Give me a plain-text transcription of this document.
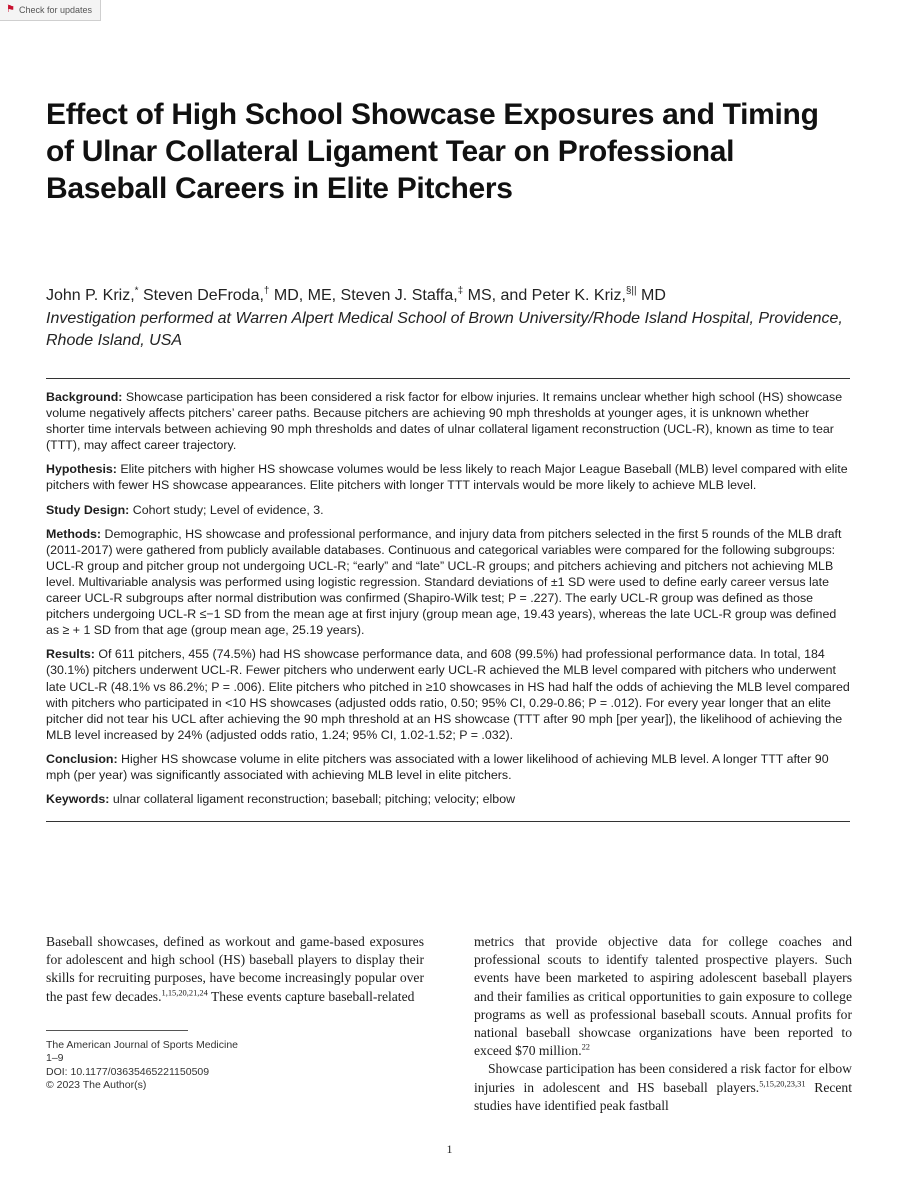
⚑ Check for updates
Effect of High School Showcase Exposures and Timing of Ulnar Collateral Ligament Tear on Professional Baseball Careers in Elite Pitchers
John P. Kriz,* Steven DeFroda,† MD, ME, Steven J. Staffa,‡ MS, and Peter K. Kriz,§|| MD
Investigation performed at Warren Alpert Medical School of Brown University/Rhode Island Hospital, Providence, Rhode Island, USA

Background: Showcase participation has been considered a risk factor for elbow injuries. It remains unclear whether high school (HS) showcase volume negatively affects pitchers’ career paths. Because pitchers are achieving 90 mph thresholds at younger ages, it is unknown whether shorter time intervals between achieving 90 mph thresholds and dates of ulnar collateral ligament reconstruction (UCL-R), known as time to tear (TTT), may affect career trajectory.

Hypothesis: Elite pitchers with higher HS showcase volumes would be less likely to reach Major League Baseball (MLB) level compared with elite pitchers with fewer HS showcase appearances. Elite pitchers with longer TTT intervals would be more likely to achieve MLB level.

Study Design: Cohort study; Level of evidence, 3.

Methods: Demographic, HS showcase and professional performance, and injury data from pitchers selected in the first 5 rounds of the MLB draft (2011-2017) were gathered from publicly available databases. Continuous and categorical variables were compared for the following subgroups: UCL-R group and pitcher group not undergoing UCL-R; “early” and “late” UCL-R groups; and pitchers achieving and pitchers not achieving MLB level. Multivariable analysis was performed using logistic regression. Standard deviations of ±1 SD were used to define early career versus late career UCL-R subgroups after normal distribution was confirmed (Shapiro-Wilk test; P = .227). The early UCL-R group was defined as those pitchers undergoing UCL-R ≤−1 SD from the mean age at first injury (group mean age, 19.43 years), whereas the late UCL-R group was defined as ≥ + 1 SD from that age (group mean age, 25.19 years).

Results: Of 611 pitchers, 455 (74.5%) had HS showcase performance data, and 608 (99.5%) had professional performance data. In total, 184 (30.1%) pitchers underwent UCL-R. Fewer pitchers who underwent early UCL-R achieved the MLB level compared with pitchers who underwent late UCL-R (48.1% vs 86.2%; P = .006). Elite pitchers who pitched in ≥10 showcases in HS had half the odds of achieving the MLB level compared with pitchers who participated in <10 HS showcases (adjusted odds ratio, 0.50; 95% CI, 0.29-0.86; P = .012). For every year longer that an elite pitcher did not tear his UCL after achieving the 90 mph threshold at an HS showcase (TTT after 90 mph [per year]), the likelihood of achieving the MLB level increased by 24% (adjusted odds ratio, 1.24; 95% CI, 1.02-1.52; P = .032).

Conclusion: Higher HS showcase volume in elite pitchers was associated with a lower likelihood of achieving MLB level. A longer TTT after 90 mph (per year) was significantly associated with achieving MLB level in elite pitchers.

Keywords: ulnar collateral ligament reconstruction; baseball; pitching; velocity; elbow

Baseball showcases, defined as workout and game-based exposures for adolescent and high school (HS) baseball players to display their skills for recruiting purposes, have become increasingly popular over the past few decades.$^{1,15,20,21,24}$ These events capture baseball-related

The American Journal of Sports Medicine
1–9
DOI: 10.1177/03635465221150509
© 2023 The Author(s)

metrics that provide objective data for college coaches and professional scouts to identify talented prospective players. Such events have been marketed to aspiring adolescent baseball players and their families as critical opportunities to gain exposure to college programs as well as professional baseball scouts. Annual profits for national baseball showcase organizations have been reported to exceed $70 million.$^{22}$

Showcase participation has been considered a risk factor for elbow injuries in adolescent and HS baseball players.$^{5,15,20,23,31}$ Recent studies have identified peak fastball

1
